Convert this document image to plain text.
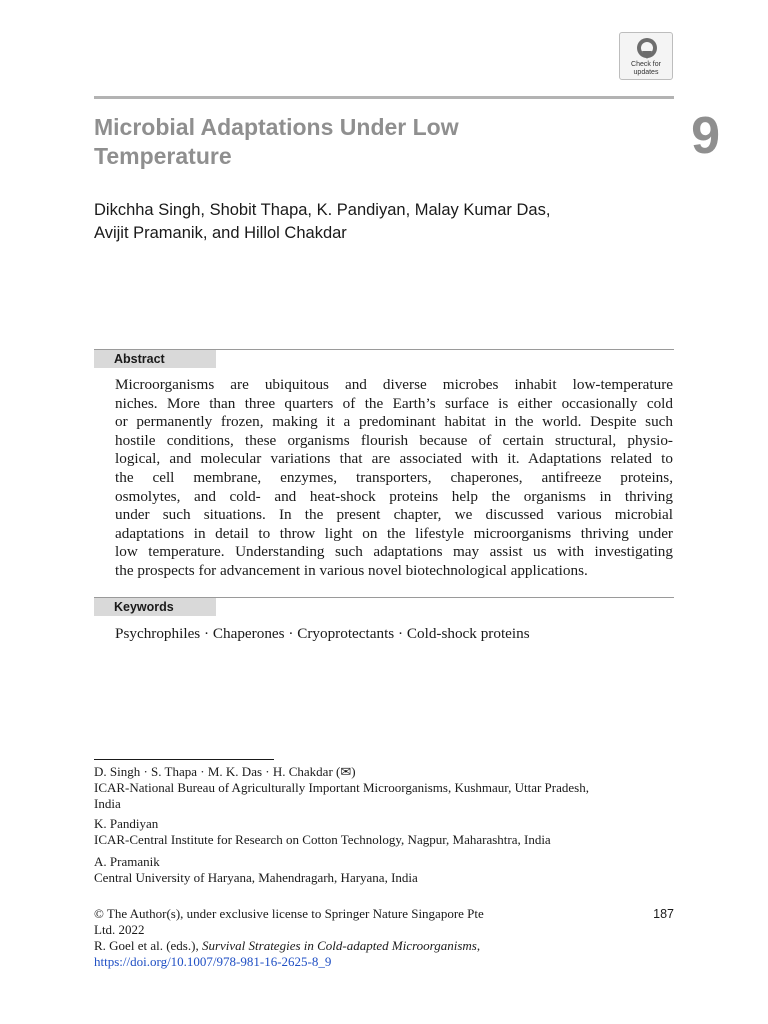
Check for
updates
Microbial Adaptations Under Low
Temperature	9
Dikchha Singh, Shobit Thapa, K. Pandiyan, Malay Kumar Das,
Avijit Pramanik, and Hillol Chakdar
Abstract
Microorganisms are ubiquitous and diverse microbes inhabit low-temperature
niches. More than three quarters of the Earth’s surface is either occasionally cold
or permanently frozen, making it a predominant habitat in the world. Despite such
hostile conditions, these organisms flourish because of certain structural, physio-
logical, and molecular variations that are associated with it. Adaptations related to
the cell membrane, enzymes, transporters, chaperones, antifreeze proteins,
osmolytes, and cold- and heat-shock proteins help the organisms in thriving
under such situations. In the present chapter, we discussed various microbial
adaptations in detail to throw light on the lifestyle microorganisms thriving under
low temperature. Understanding such adaptations may assist us with investigating
the prospects for advancement in various novel biotechnological applications.
Keywords
Psychrophiles · Chaperones · Cryoprotectants · Cold-shock proteins
D. Singh · S. Thapa · M. K. Das · H. Chakdar (✉)
ICAR-National Bureau of Agriculturally Important Microorganisms, Kushmaur, Uttar Pradesh,
India
K. Pandiyan
ICAR-Central Institute for Research on Cotton Technology, Nagpur, Maharashtra, India
A. Pramanik
Central University of Haryana, Mahendragarh, Haryana, India
© The Author(s), under exclusive license to Springer Nature Singapore Pte
Ltd. 2022
187
R. Goel et al. (eds.), Survival Strategies in Cold-adapted Microorganisms,
https://doi.org/10.1007/978-981-16-2625-8_9
